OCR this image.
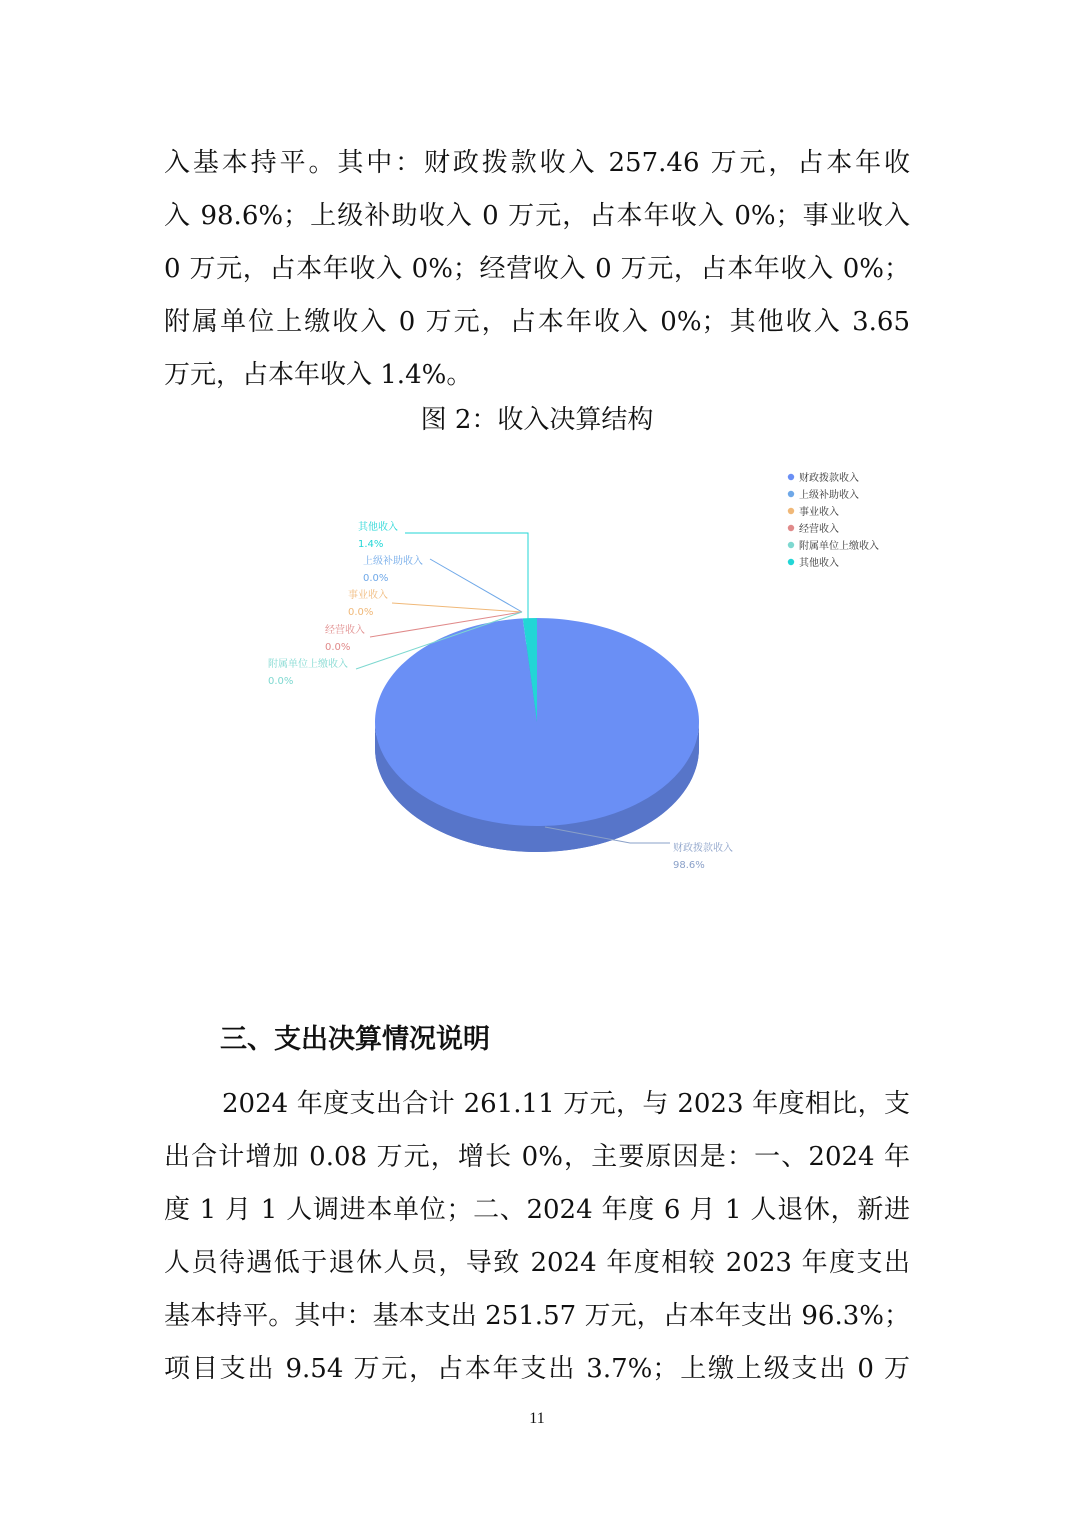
入基本持平。其中：财政拨款收入 257.46 万元，占本年收
入 98.6%；上级补助收入 0 万元，占本年收入 0%；事业收入
0 万元，占本年收入 0%；经营收入 0 万元，占本年收入 0%；
附属单位上缴收入 0 万元，占本年收入 0%；其他收入 3.65
万元，占本年收入 1.4%。
图 2：收入决算结构
财政拨款收入
98.6%
上级补助收入
0.0%
事业收入
0.0%
经营收入
0.0%
附属单位上缴收入
0.0%
其他收入
1.4%
财政拨款收入
上级补助收入
事业收入
经营收入
附属单位上缴收入
其他收入
三、支出决算情况说明
2024 年度支出合计 261.11 万元，与 2023 年度相比，支
出合计增加 0.08 万元，增长 0%，主要原因是：一、2024 年
度 1 月 1 人调进本单位；二、2024 年度 6 月 1 人退休，新进
人员待遇低于退休人员，导致 2024 年度相较 2023 年度支出
基本持平。其中：基本支出 251.57 万元，占本年支出 96.3%；
项目支出 9.54 万元，占本年支出 3.7%；上缴上级支出 0 万
11
